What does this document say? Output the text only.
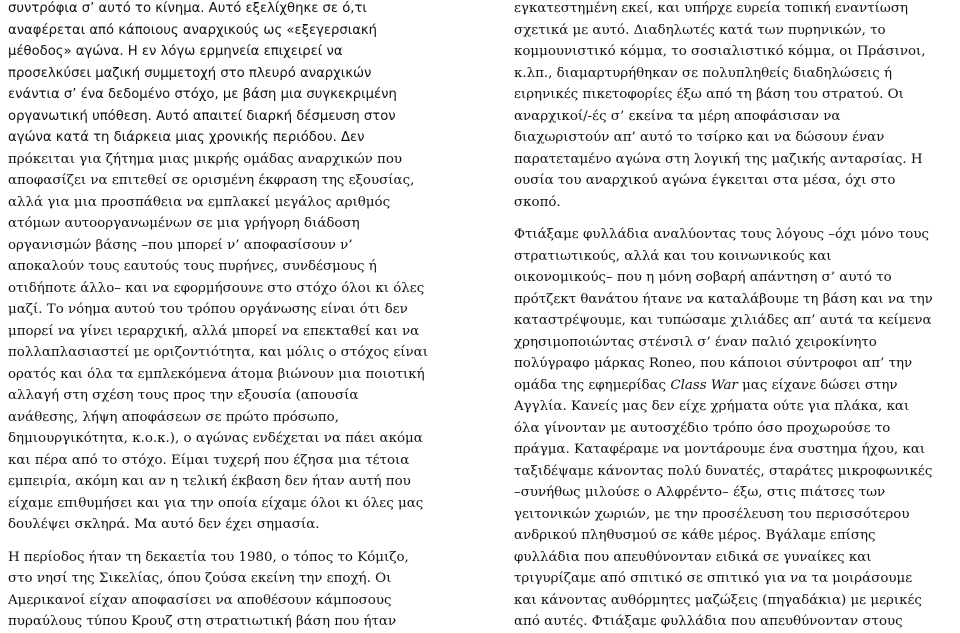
συντρόφια σ’ αυτό το κίνημα. Αυτό εξελίχθηκε σε ό,τι
αναφέρεται από κάποιους αναρχικούς ως «εξεγερσιακή
μέθοδος» αγώνα. Η εν λόγω ερμηνεία επιχειρεί να
προσελκύσει μαζική συμμετοχή στο πλευρό αναρχικών
ενάντια σ’ ένα δεδομένο στόχο, με βάση μια συγκεκριμένη
οργανωτική υπόθεση. Αυτό απαιτεί διαρκή δέσμευση στον
αγώνα κατά τη διάρκεια μιας χρονικής περιόδου. Δεν
πρόκειται για ζήτημα μιας μικρής ομάδας αναρχικών που
αποφασίζει να επιτεθεί σε ορισμένη έκφραση της εξουσίας,
αλλά για μια προσπάθεια να εμπλακεί μεγάλος αριθμός
ατόμων αυτοοργανωμένων σε μια γρήγορη διάδοση
οργανισμών βάσης –που μπορεί ν’ αποφασίσουν ν’
αποκαλούν τους εαυτούς τους πυρήνες, συνδέσμους ή
οτιδήποτε άλλο– και να εφορμήσουνε στο στόχο όλοι κι όλες
μαζί. Το νόημα αυτού του τρόπου οργάνωσης είναι ότι δεν
μπορεί να γίνει ιεραρχική, αλλά μπορεί να επεκταθεί και να
πολλαπλασιαστεί με οριζοντιότητα, και μόλις ο στόχος είναι
ορατός και όλα τα εμπλεκόμενα άτομα βιώνουν μια ποιοτική
αλλαγή στη σχέση τους προς την εξουσία (απουσία
ανάθεσης, λήψη αποφάσεων σε πρώτο πρόσωπο,
δημιουργικότητα, κ.ο.κ.), ο αγώνας ενδέχεται να πάει ακόμα
και πέρα από το στόχο. Είμαι τυχερή που έζησα μια τέτοια
εμπειρία, ακόμη και αν η τελική έκβαση δεν ήταν αυτή που
είχαμε επιθυμήσει και για την οποία είχαμε όλοι κι όλες μας
δουλέψει σκληρά. Μα αυτό δεν έχει σημασία.
Η περίοδος ήταν τη δεκαετία του 1980, ο τόπος το Κόμιζο,
στο νησί της Σικελίας, όπου ζούσα εκείνη την εποχή. Οι
Αμερικανοί είχαν αποφασίσει να αποθέσουν κάμποσους
πυραύλους τύπου Κρουζ στη στρατιωτική βάση που ήταν
εγκατεστημένη εκεί, και υπήρχε ευρεία τοπική εναντίωση
σχετικά με αυτό. Διαδηλωτές κατά των πυρηνικών, το
κομμουνιστικό κόμμα, το σοσιαλιστικό κόμμα, οι Πράσινοι,
κ.λπ., διαμαρτυρήθηκαν σε πολυπληθείς διαδηλώσεις ή
ειρηνικές πικετοφορίες έξω από τη βάση του στρατού. Οι
αναρχικοί/-ές σ’ εκείνα τα μέρη αποφάσισαν να
διαχωριστούν απ’ αυτό το τσίρκο και να δώσουν έναν
παρατεταμένο αγώνα στη λογική της μαζικής ανταρσίας. Η
ουσία του αναρχικού αγώνα έγκειται στα μέσα, όχι στο
σκοπό.
Φτιάξαμε φυλλάδια αναλύοντας τους λόγους –όχι μόνο τους
στρατιωτικούς, αλλά και του κοινωνικούς και
οικονομικούς– που η μόνη σοβαρή απάντηση σ’ αυτό το
πρότζεκτ θανάτου ήτανε να καταλάβουμε τη βάση και να την
καταστρέψουμε, και τυπώσαμε χιλιάδες απ’ αυτά τα κείμενα
χρησιμοποιώντας στένσιλ σ’ έναν παλιό χειροκίνητο
πολύγραφο μάρκας Roneo, που κάποιοι σύντροφοι απ’ την
ομάδα της εφημερίδας Class War μας είχανε δώσει στην
Αγγλία. Κανείς μας δεν είχε χρήματα ούτε για πλάκα, και
όλα γίνονταν με αυτοσχέδιο τρόπο όσο προχωρούσε το
πράγμα. Καταφέραμε να μοντάρουμε ένα συστημα ήχου, και
ταξιδέψαμε κάνοντας πολύ δυνατές, σταράτες μικροφωνικές
–συνήθως μιλούσε ο Αλφρέντο– έξω, στις πιάτσες των
γειτονικών χωριών, με την προσέλευση του περισσότερου
ανδρικού πληθυσμού σε κάθε μέρος. Βγάλαμε επίσης
φυλλάδια που απευθύνονταν ειδικά σε γυναίκες και
τριγυρίζαμε από σπιτικό σε σπιτικό για να τα μοιράσουμε
και κάνοντας αυθόρμητες μαζώξεις (πηγαδάκια) με μερικές
από αυτές. Φτιάξαμε φυλλάδια που απευθύνονταν στους
